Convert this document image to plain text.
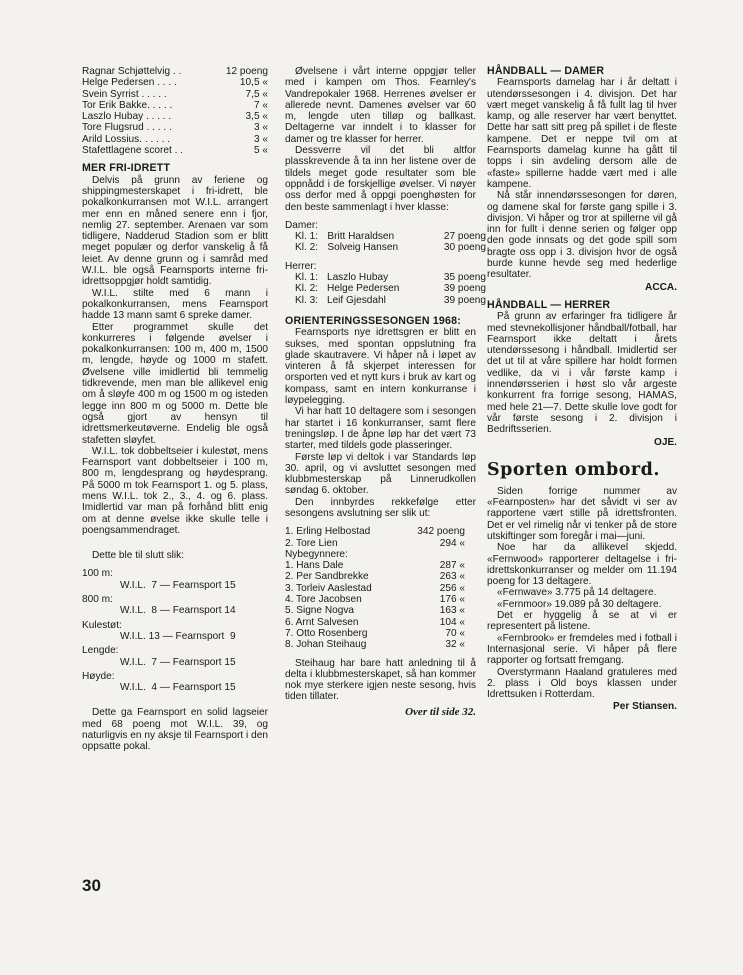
Ragnar Schjøttelvig . .	12 poeng
Helge Pedersen . . . .	10,5 «
Svein Syrrist . . . . .	7,5 «
Tor Erik Bakke. . . . .	7 «
Laszlo Hubay . . . . .	3,5 «
Tore Flugsrud . . . . .	3 «
Arild Lossius. . . . . .	3 «
Stafettlagene scoret . .	5 «
MER FRI-IDRETT

Delvis på grunn av feriene og shippingmesterskapet i fri-idrett, ble pokalkonkurransen mot W.I.L. arrangert mer enn en måned senere enn i fjor, nemlig 27. september. Arenaen var som tidligere, Nadderud Stadion som er blitt meget populær og derfor vanskelig å få leiet. Av denne grunn og i samråd med W.I.L. ble også Fearnsports interne fri-idrettsoppgjør holdt samtidig.

W.I.L. stilte med 6 mann i pokalkonkurransen, mens Fearnsport hadde 13 mann samt 6 spreke damer.

Etter programmet skulle det konkurreres i følgende øvelser i pokalkonkurransen: 100 m, 400 m, 1500 m, lengde, høyde og 1000 m stafett. Øvelsene ville imidlertid bli temmelig tidkrevende, men man ble allikevel enig om å sløyfe 400 m og 1500 m og isteden legge inn 800 m og 5000 m. Dette ble også gjort av hensyn til idrettsmerkeutøverne. Endelig ble også stafetten sløyfet.

W.I.L. tok dobbeltseier i kulestøt, mens Fearnsport vant dobbeltseier i 100 m, 800 m, lengdesprang og høydesprang. På 5000 m tok Fearnsport 1. og 5. plass, mens W.I.L. tok 2., 3., 4. og 6. plass. Imidlertid var man på forhånd blitt enig om at denne øvelse ikke skulle telle i poengsammendraget.

Dette ble til slutt slik:

100 m:
W.I.L.  7 — Fearnsport 15
800 m:
W.I.L.  8 — Fearnsport 14
Kulestøt:
W.I.L. 13 — Fearnsport  9
Lengde:
W.I.L.  7 — Fearnsport 15
Høyde:
W.I.L.  4 — Fearnsport 15

Dette ga Fearnsport en solid lagseier med 68 poeng mot W.I.L. 39, og naturligvis en ny aksje til Fearnsport i den oppsatte pokal.

Øvelsene i vårt interne oppgjør teller med i kampen om Thos. Fearnley's Vandrepokaler 1968. Herrenes øvelser er allerede nevnt. Damenes øvelser var 60 m, lengde uten tilløp og ballkast. Deltagerne var inndelt i to klasser for damer og tre klasser for herrer.

Dessverre vil det bli altfor plasskrevende å ta inn her listene over de tildels meget gode resultater som ble oppnådd i de forskjellige øvelser. Vi nøyer oss derfor med å oppgi poenghøsten for den beste sammenlagt i hver klasse:

Damer:
Kl. 1:	Britt Haraldsen	27 poeng
Kl. 2:	Solveig Hansen	30 poeng
Herrer:
Kl. 1:	Laszlo Hubay	35 poeng
Kl. 2:	Helge Pedersen	39 poeng
Kl. 3:	Leif Gjesdahl	39 poeng
ORIENTERINGSSESONGEN 1968:

Fearnsports nye idrettsgren er blitt en sukses, med spontan oppslutning fra glade skautravere. Vi håper nå i løpet av vinteren å få skjerpet interessen for orsporten ved et nytt kurs i bruk av kart og kompass, samt en intern konkurranse i løypelegging.

Vi har hatt 10 deltagere som i sesongen har startet i 16 konkurranser, samt flere treningsløp. I de åpne løp har det vært 73 starter, med tildels gode plasseringer.

Første løp vi deltok i var Standards løp 30. april, og vi avsluttet sesongen med klubbmesterskap på Linnerudkollen søndag 6. oktober.

Den innbyrdes rekkefølge etter sesongens avslutning ser slik ut:

1. Erling Helbostad	342 poeng
2. Tore Lien	294 «
Nybegynnere:	
1. Hans Dale	287 «
2. Per Sandbrekke	263 «
3. Torleiv Aaslestad	256 «
4. Tore Jacobsen	176 «
5. Signe Nogva	163 «
6. Arnt Salvesen	104 «
7. Otto Rosenberg	70 «
8. Johan Steihaug	32 «

Steihaug har bare hatt anledning til å delta i klubbmesterskapet, så han kommer nok mye sterkere igjen neste sesong, hvis tiden tillater.

Over til side 32.
HÅNDBALL — DAMER

Fearnsports damelag har i år deltatt i utendørssesongen i 4. divisjon. Det har vært meget vanskelig å få fullt lag til hver kamp, og alle reserver har vært benyttet. Dette har satt sitt preg på spillet i de fleste kampene. Det er neppe tvil om at Fearnsports damelag kunne ha gått til topps i sin avdeling dersom alle de «faste» spillerne hadde vært med i alle kampene.

Nå står innendørssesongen for døren, og damene skal for første gang spille i 3. divisjon. Vi håper og tror at spillerne vil gå inn for fullt i denne serien og følger opp den gode innsats og det gode spill som bragte oss opp i 3. divisjon hvor de også burde kunne hevde seg med hederlige resultater.

ACCA.
HÅNDBALL — HERRER

På grunn av erfaringer fra tidligere år med stevnekollisjoner håndball/fotball, har Fearnsport ikke deltatt i årets utendørssesong i håndball. Imidlertid ser det ut til at våre spillere har holdt formen vedlike, da vi i vår første kamp i innendørsserien i høst slo vår argeste konkurrent fra forrige sesong, HAMAS, med hele 21—7. Dette skulle love godt for vår første sesong i 2. divisjon i Bedriftsserien.

OJE.
Sporten ombord.

Siden forrige nummer av «Fearnposten» har det såvidt vi ser av rapportene vært stille på idrettsfronten. Det er vel rimelig når vi tenker på de store utskiftinger som foregår i mai—juni.

Noe har da allikevel skjedd. «Fernwood» rapporterer deltagelse i fri-idrettskonkurranser og melder om 11.194 poeng for 13 deltagere.

«Fernwave» 3.775 på 14 deltagere.

«Fernmoor» 19.089 på 30 deltagere.

Det er hyggelig å se at vi er representert på listene.

«Fernbrook» er fremdeles med i fotball i Internasjonal serie. Vi håper på flere rapporter og fortsatt fremgang.

Overstyrmann Haaland gratuleres med 2. plass i Old boys klassen under Idrettsuken i Rotterdam.

Per Stiansen.
30
